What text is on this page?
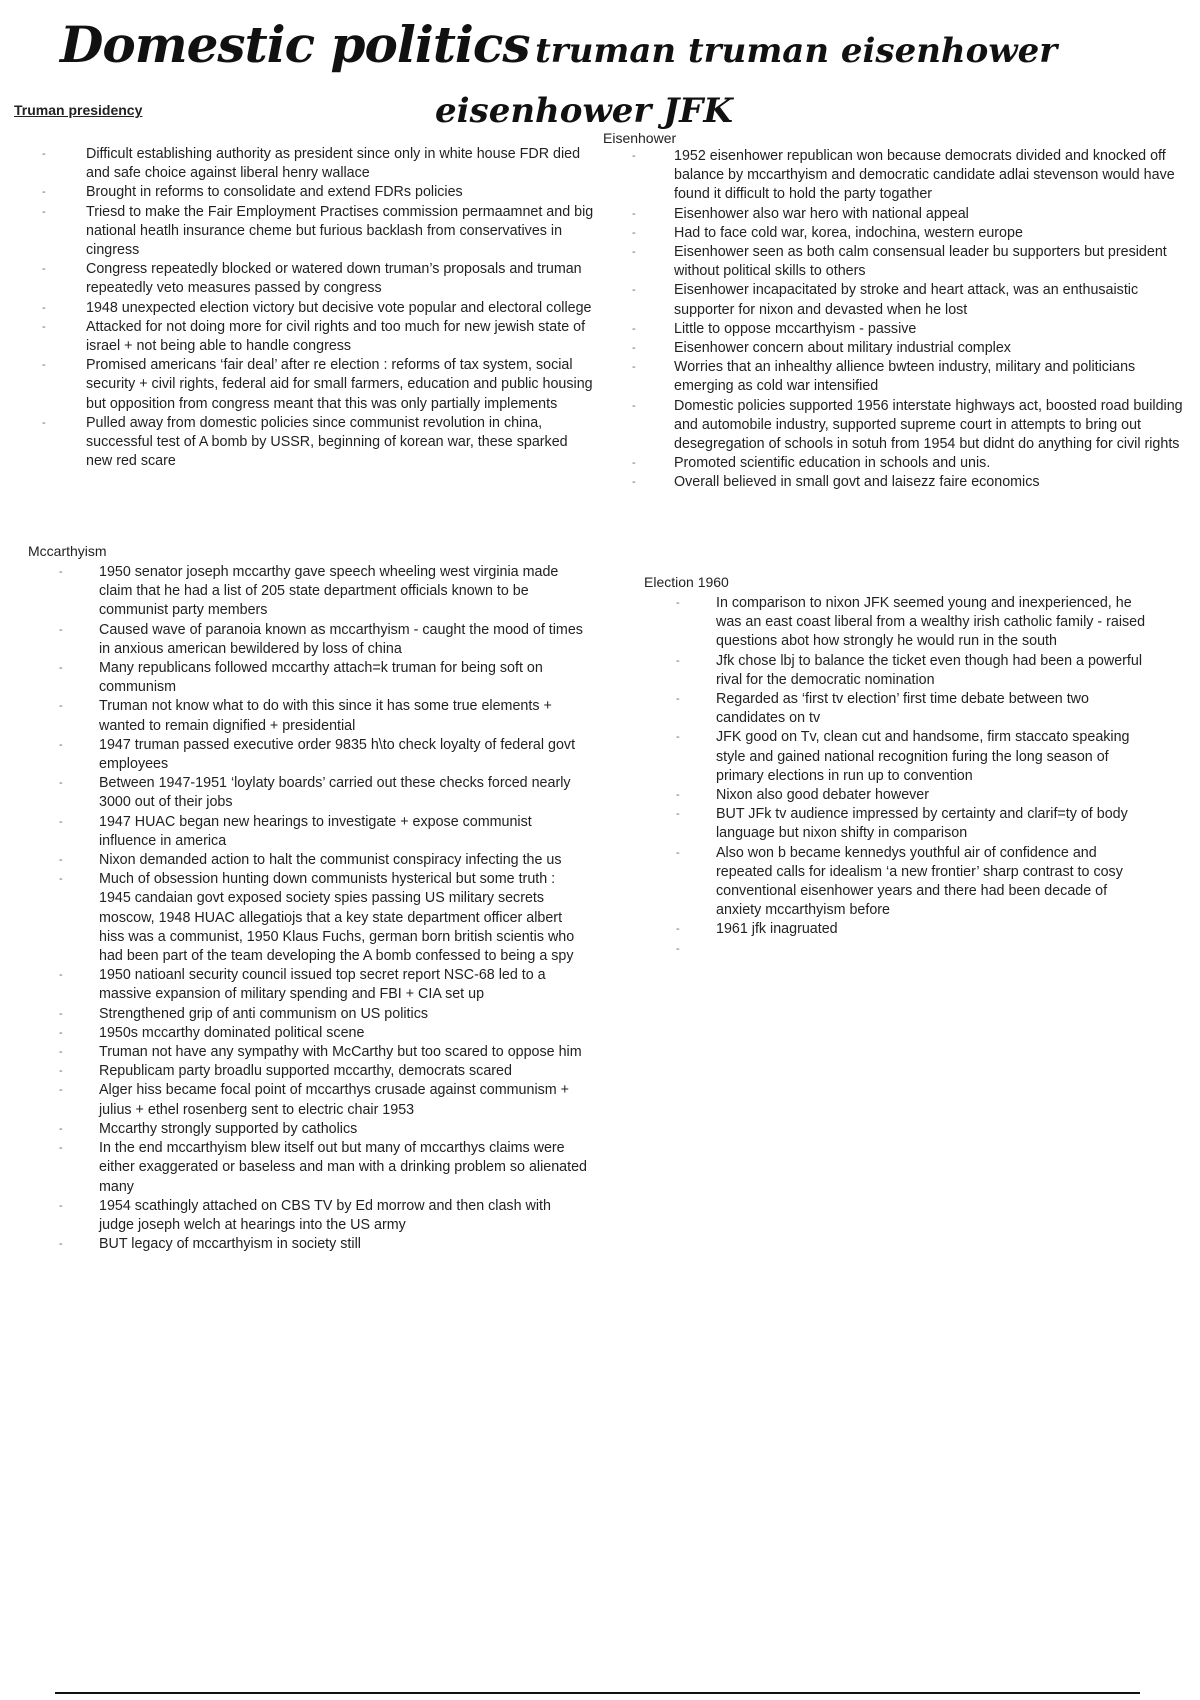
Domestic politics truman truman eisenhower
eisenhower JFK
Truman presidency
-	Difficult establishing authority as president since only in white house FDR died and safe choice against liberal henry wallace
-	Brought in reforms to consolidate and extend FDRs policies
-	Triesd to make the Fair Employment Practises commission permaamnet and big national heatlh insurance cheme but furious backlash from conservatives in cingress
-	Congress repeatedly blocked or watered down truman’s proposals and truman repeatedly veto measures passed by congress
-	1948 unexpected election victory but decisive vote popular and electoral college
-	Attacked for not doing more for civil rights and too much for new jewish state of israel + not being able to handle congress
-	Promised americans ‘fair deal’ after re election : reforms of tax system, social security + civil rights, federal aid for small farmers, education and public housing but opposition from congress meant that this was only partially implements
-	Pulled away from domestic policies since communist revolution in china, successful test of A bomb by USSR, beginning of korean war, these sparked new red scare
Mccarthyism
-	1950 senator joseph mccarthy gave speech wheeling west virginia made claim that he had a list of 205 state department officials known to be communist party members
-	Caused wave of paranoia known as mccarthyism - caught the mood of times in anxious american bewildered by loss of china
-	Many republicans followed mccarthy attach=k truman for being soft on communism
-	Truman not know what to do with this since it has some true elements + wanted to remain dignified + presidential
-	1947 truman passed executive order 9835 h\to check loyalty of federal govt employees
-	Between 1947-1951 ‘loylaty boards’ carried out these checks forced nearly 3000 out of their jobs
-	1947 HUAC began new hearings to investigate + expose communist influence in america
-	Nixon demanded action to halt the communist conspiracy infecting the us
-	Much of obsession hunting down communists hysterical but some truth : 1945 candaian govt exposed society spies passing US military secrets moscow, 1948 HUAC allegatiojs that a key state department officer albert hiss was a communist, 1950 Klaus Fuchs, german born british scientis who had been part of the team developing the A bomb confessed to being a spy
-	1950 natioanl security council issued top secret report NSC-68 led to a massive expansion of military spending and FBI + CIA set up
-	Strengthened grip of anti communism on US politics
-	1950s mccarthy dominated political scene
-	Truman not have any sympathy with McCarthy but too scared to oppose him
-	Republicam party broadlu supported mccarthy, democrats scared
-	Alger hiss became focal point of mccarthys crusade against communism + julius + ethel rosenberg sent to electric chair 1953
-	Mccarthy strongly supported by catholics
-	In the end mccarthyism blew itself out but many of mccarthys claims were either exaggerated or baseless and man with a drinking problem so alienated many
-	1954 scathingly attached on CBS TV by Ed morrow and then clash with judge joseph welch at hearings into the US army
-	BUT legacy of mccarthyism in society still
Eisenhower
-	1952 eisenhower republican won because democrats divided and knocked off balance by mccarthyism and democratic candidate adlai stevenson would have found it difficult to hold the party togather
-	Eisenhower also war hero with national appeal
-	Had to face cold war, korea, indochina, western europe
-	Eisenhower seen as both calm consensual leader bu supporters but president without political skills to others
-	Eisenhower incapacitated by stroke and heart attack, was an enthusaistic supporter for nixon and devasted when he lost
-	Little to oppose mccarthyism - passive
-	Eisenhower concern about military industrial complex
-	Worries that an inhealthy allience bwteen industry, military and politicians emerging as cold war intensified
-	Domestic policies supported 1956 interstate highways act, boosted road building and automobile industry, supported supreme court in attempts to bring out desegregation of schools in sotuh from 1954 but didnt do anything for civil rights
-	Promoted scientific education in schools and unis.
-	Overall believed in small govt and laisezz faire economics
Election 1960
-	In comparison to nixon JFK seemed young and inexperienced, he was an east coast liberal from a wealthy irish catholic family - raised questions abot how strongly he would run in the south
-	Jfk chose lbj to balance the ticket even though had been a powerful rival for the democratic nomination
-	Regarded as ‘first tv election’ first time debate between two candidates on tv
-	JFK good on Tv, clean cut and handsome, firm staccato speaking style and gained national recognition furing the long season of primary elections in run up to convention
-	Nixon also good debater however
-	BUT JFk tv audience impressed by certainty and clarif=ty of body language but nixon shifty in comparison
-	Also won b became kennedys youthful air of confidence and repeated calls for idealism ‘a new frontier’ sharp contrast to cosy conventional eisenhower years and there had been decade of anxiety mccarthyism before
-	1961 jfk inagruated
-
